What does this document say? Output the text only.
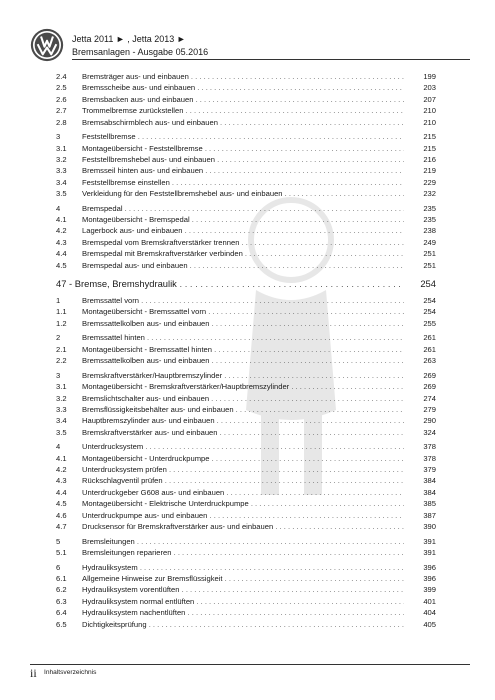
Jetta 2011 ► , Jetta 2013 ►
Bremsanlagen - Ausgabe 05.2016
2.4	Bremsträger aus- und einbauen . . .	199
2.5	Bremsscheibe aus- und einbauen . . .	203
2.6	Bremsbacken aus- und einbauen . . .	207
2.7	Trommelbremse zurückstellen . . .	210
2.8	Bremsabschirmblech aus- und einbauen . . .	210
3	Feststellbremse . . .	215
3.1	Montageübersicht - Feststellbremse . . .	215
3.2	Feststellbremshebel aus- und einbauen . . .	216
3.3	Bremsseil hinten aus- und einbauen . . .	219
3.4	Feststellbremse einstellen . . .	229
3.5	Verkleidung für den Feststellbremshebel aus- und einbauen . . .	232
4	Bremspedal . . .	235
4.1	Montageübersicht - Bremspedal . . .	235
4.2	Lagerbock aus- und einbauen . . .	238
4.3	Bremspedal vom Bremskraftverstärker trennen . . .	249
4.4	Bremspedal mit Bremskraftverstärker verbinden . . .	251
4.5	Bremspedal aus- und einbauen . . .	251
47 - Bremse, Bremshydraulik . . .	254
1	Bremssattel vorn . . .	254
1.1	Montageübersicht - Bremssattel vorn . . .	254
1.2	Bremssattelkolben aus- und einbauen . . .	255
2	Bremssattel hinten . . .	261
2.1	Montageübersicht - Bremssattel hinten . . .	261
2.2	Bremssattelkolben aus- und einbauen . . .	263
3	Bremskraftverstärker/Hauptbremszylinder . . .	269
3.1	Montageübersicht - Bremskraftverstärker/Hauptbremszylinder . . .	269
3.2	Bremslichtschalter aus- und einbauen . . .	274
3.3	Bremsflüssigkeitsbehälter aus- und einbauen . . .	279
3.4	Hauptbremszylinder aus- und einbauen . . .	290
3.5	Bremskraftverstärker aus- und einbauen . . .	324
4	Unterdrucksystem . . .	378
4.1	Montageübersicht - Unterdruckpumpe . . .	378
4.2	Unterdrucksystem prüfen . . .	379
4.3	Rückschlagventil prüfen . . .	384
4.4	Unterdruckgeber G608 aus- und einbauen . . .	384
4.5	Montageübersicht - Elektrische Unterdruckpumpe . . .	385
4.6	Unterdruckpumpe aus- und einbauen . . .	387
4.7	Drucksensor für Bremskraftverstärker aus- und einbauen . . .	390
5	Bremsleitungen . . .	391
5.1	Bremsleitungen reparieren . . .	391
6	Hydrauliksystem . . .	396
6.1	Allgemeine Hinweise zur Bremsflüssigkeit . . .	396
6.2	Hydrauliksystem vorentlüften . . .	399
6.3	Hydrauliksystem normal entlüften . . .	401
6.4	Hydrauliksystem nachentlüften . . .	404
6.5	Dichtigkeitsprüfung . . .	405
ii Inhaltsverzeichnis
